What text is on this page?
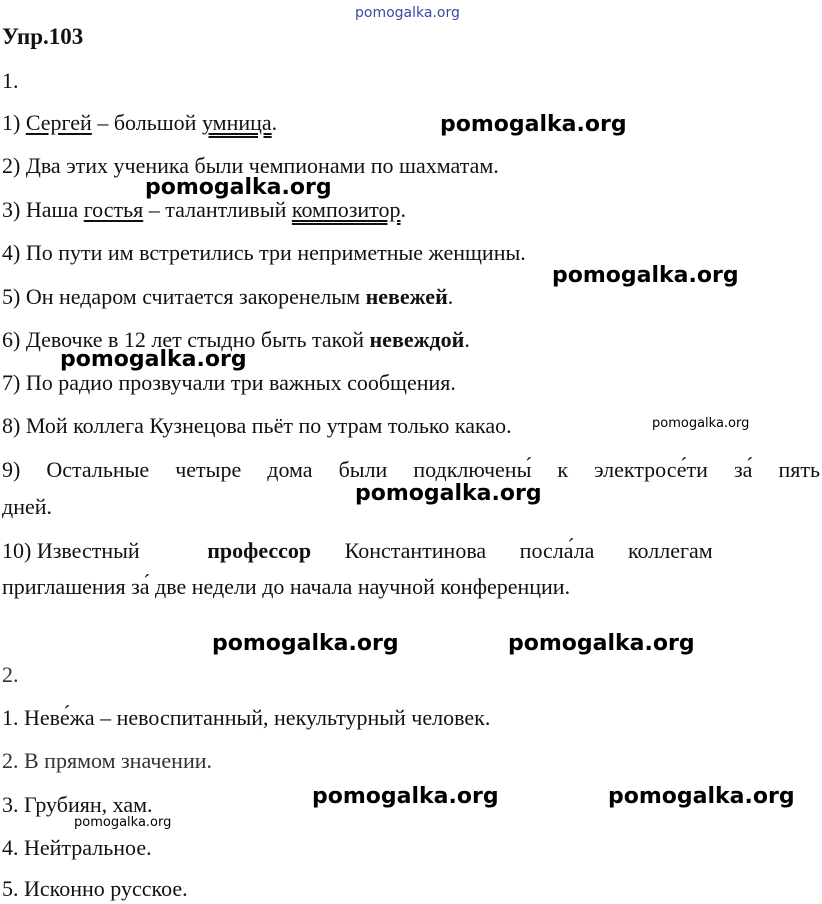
pomogalka.org
Упр.103
1.
1) Сергей – большой умница.	pomogalka.org
2) Два этих ученика были чемпионами по шахматам.
pomogalka.org
3) Наша гостья – талантливый композитор.
4) По пути им встретились три неприметные женщины.
pomogalka.org
5) Он недаром считается закоренелым невежей.
6) Девочке в 12 лет стыдно быть такой невеждой.
pomogalka.org
7) По радио прозвучали три важных сообщения.
8) Мой коллега Кузнецова пьёт по утрам только какао.	pomogalka.org
9) Остальные четыре дома были подключены́ к электросе́ти за́ пять
дней.
pomogalka.org
10) Известный	профессор Константинова посла́ла коллегам
приглашения за́ две недели до начала научной конференции.
pomogalka.org	pomogalka.org
2.
1. Неве́жа – невоспитанный, некультурный человек.
2. В прямом значении.
3. Грубиян, хам.	pomogalka.org	pomogalka.org
pomogalka.org
4. Нейтральное.
5. Исконно русское.
